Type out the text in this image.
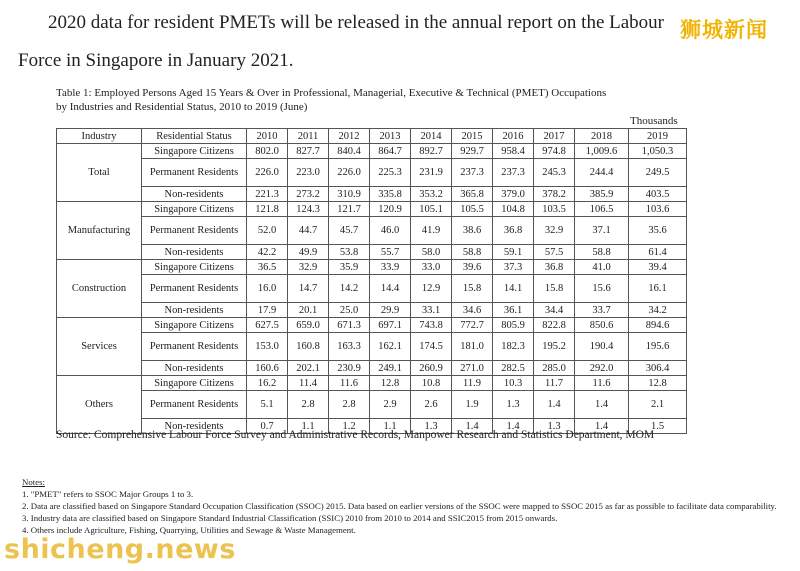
2020 data for resident PMETs will be released in the annual report on the Labour
Force in Singapore in January 2021.
狮城新闻
Table 1: Employed Persons Aged 15 Years & Over in Professional, Managerial, Executive & Technical (PMET) Occupations
by Industries and Residential Status, 2010 to 2019 (June)
Thousands
Industry	Residential Status	2010	2011	2012	2013	2014	2015	2016	2017	2018	2019
Total	Singapore Citizens	802.0	827.7	840.4	864.7	892.7	929.7	958.4	974.8	1,009.6	1,050.3
	Permanent Residents	226.0	223.0	226.0	225.3	231.9	237.3	237.3	245.3	244.4	249.5
	Non-residents	221.3	273.2	310.9	335.8	353.2	365.8	379.0	378.2	385.9	403.5
Manufacturing	Singapore Citizens	121.8	124.3	121.7	120.9	105.1	105.5	104.8	103.5	106.5	103.6
	Permanent Residents	52.0	44.7	45.7	46.0	41.9	38.6	36.8	32.9	37.1	35.6
	Non-residents	42.2	49.9	53.8	55.7	58.0	58.8	59.1	57.5	58.8	61.4
Construction	Singapore Citizens	36.5	32.9	35.9	33.9	33.0	39.6	37.3	36.8	41.0	39.4
	Permanent Residents	16.0	14.7	14.2	14.4	12.9	15.8	14.1	15.8	15.6	16.1
	Non-residents	17.9	20.1	25.0	29.9	33.1	34.6	36.1	34.4	33.7	34.2
Services	Singapore Citizens	627.5	659.0	671.3	697.1	743.8	772.7	805.9	822.8	850.6	894.6
	Permanent Residents	153.0	160.8	163.3	162.1	174.5	181.0	182.3	195.2	190.4	195.6
	Non-residents	160.6	202.1	230.9	249.1	260.9	271.0	282.5	285.0	292.0	306.4
Others	Singapore Citizens	16.2	11.4	11.6	12.8	10.8	11.9	10.3	11.7	11.6	12.8
	Permanent Residents	5.1	2.8	2.8	2.9	2.6	1.9	1.3	1.4	1.4	2.1
	Non-residents	0.7	1.1	1.2	1.1	1.3	1.4	1.4	1.3	1.4	1.5
Source: Comprehensive Labour Force Survey and Administrative Records, Manpower Research and Statistics Department, MOM
Notes:
1. "PMET" refers to SSOC Major Groups 1 to 3.
2. Data are classified based on Singapore Standard Occupation Classification (SSOC) 2015. Data based on earlier versions of the SSOC were mapped to SSOC 2015 as far as possible to facilitate data comparability.
3. Industry data are classified based on Singapore Standard Industrial Classification (SSIC) 2010 from 2010 to 2014 and SSIC2015 from 2015 onwards.
4. Others include Agriculture, Fishing, Quarrying, Utilities and Sewage & Waste Management.
shicheng.news
